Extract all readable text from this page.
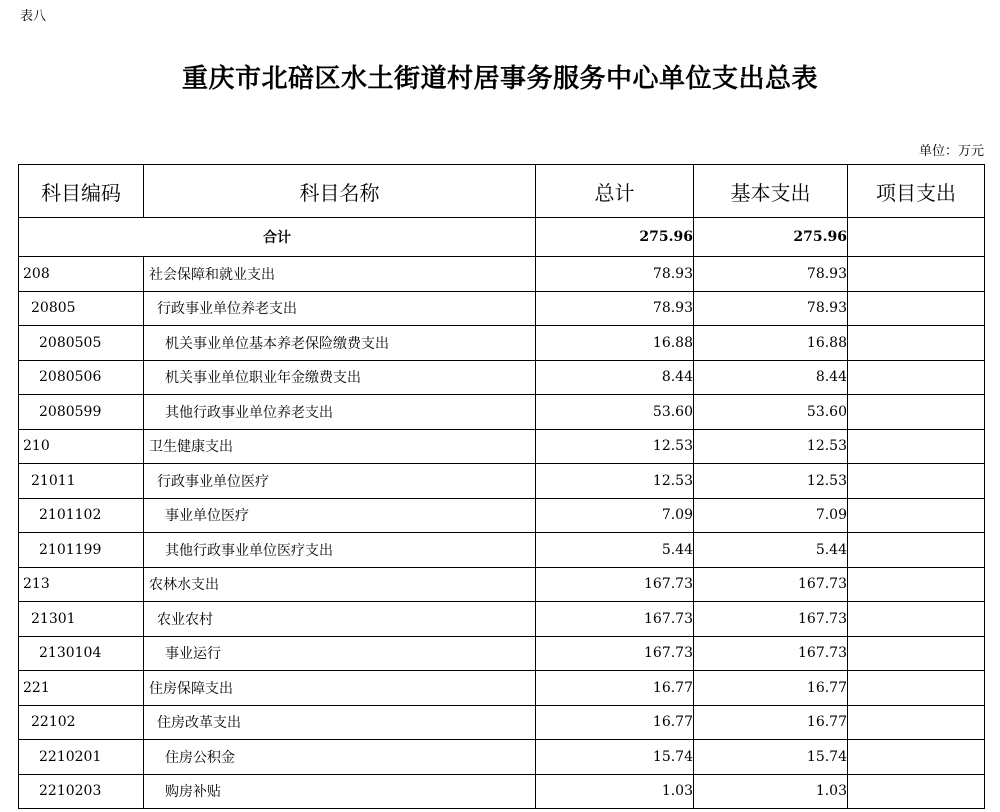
表八
重庆市北碚区水土街道村居事务服务中心单位支出总表
单位：万元
科目编码	科目名称	总计	基本支出	项目支出
合计		275.96	275.96	
208	社会保障和就业支出	78.93	78.93	
20805	行政事业单位养老支出	78.93	78.93	
2080505	机关事业单位基本养老保险缴费支出	16.88	16.88	
2080506	机关事业单位职业年金缴费支出	8.44	8.44	
2080599	其他行政事业单位养老支出	53.60	53.60	
210	卫生健康支出	12.53	12.53	
21011	行政事业单位医疗	12.53	12.53	
2101102	事业单位医疗	7.09	7.09	
2101199	其他行政事业单位医疗支出	5.44	5.44	
213	农林水支出	167.73	167.73	
21301	农业农村	167.73	167.73	
2130104	事业运行	167.73	167.73	
221	住房保障支出	16.77	16.77	
22102	住房改革支出	16.77	16.77	
2210201	住房公积金	15.74	15.74	
2210203	购房补贴	1.03	1.03	
